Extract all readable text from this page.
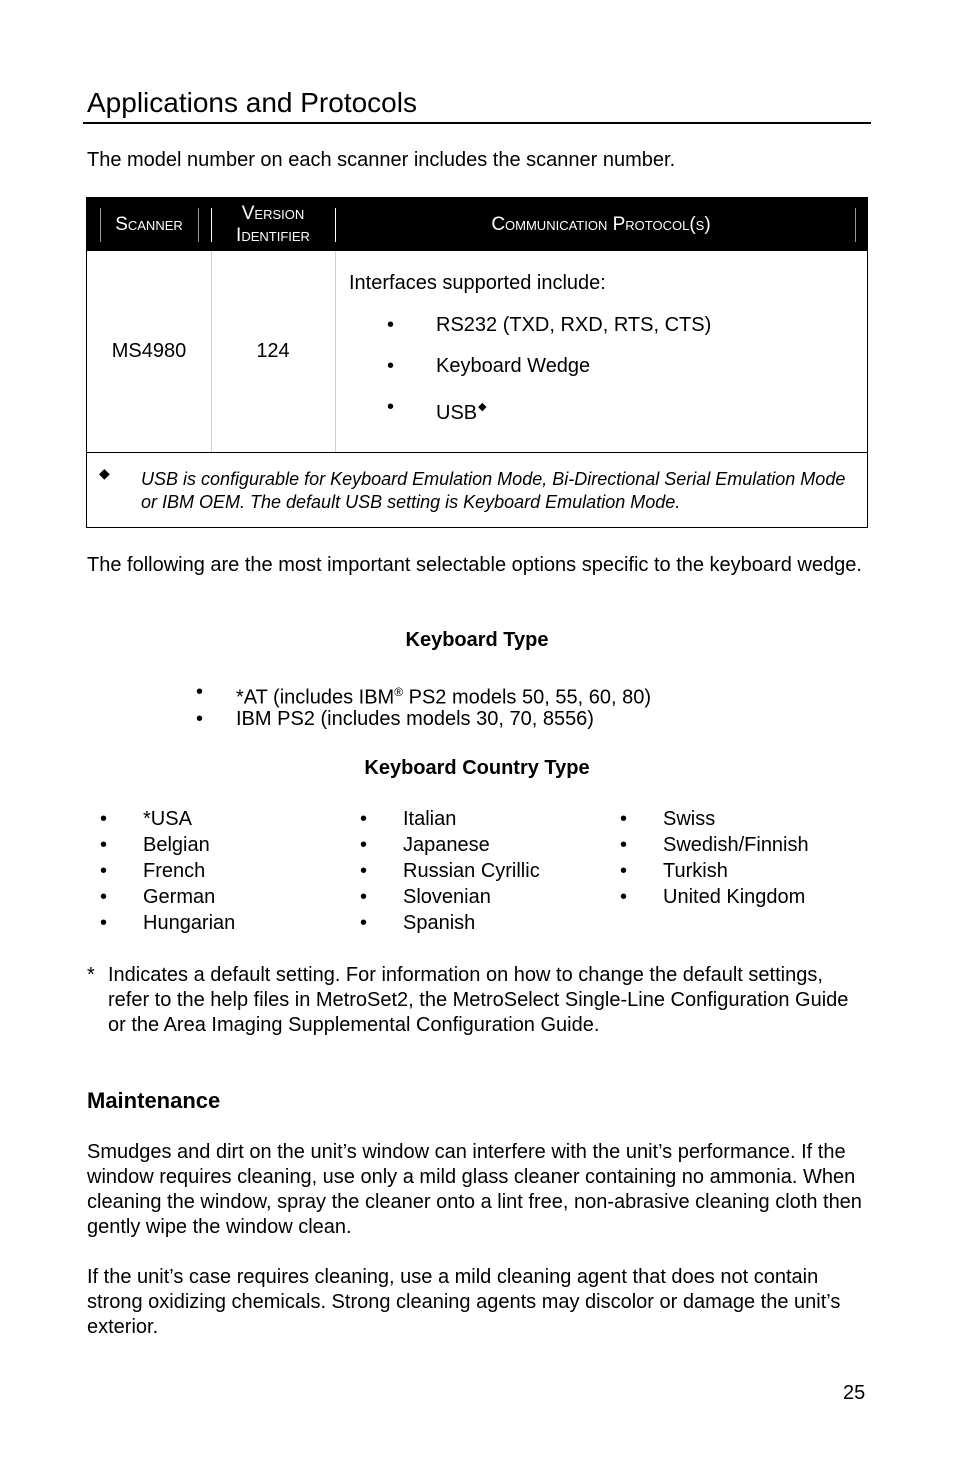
Applications and Protocols
The model number on each scanner includes the scanner number.
Scanner
Version
Identifier
Communication Protocol(s)
MS4980	124
Interfaces supported include:
• RS232 (TXD, RXD, RTS, CTS)
• Keyboard Wedge
• USB◆
◆ USB is configurable for Keyboard Emulation Mode, Bi-Directional Serial Emulation Mode or IBM OEM. The default USB setting is Keyboard Emulation Mode.
The following are the most important selectable options specific to the keyboard wedge.
Keyboard Type
• *AT (includes IBM® PS2 models 50, 55, 60, 80)
• IBM PS2 (includes models 30, 70, 8556)
Keyboard Country Type
• *USA
• Belgian
• French
• German
• Hungarian
• Italian
• Japanese
• Russian Cyrillic
• Slovenian
• Spanish
• Swiss
• Swedish/Finnish
• Turkish
• United Kingdom
* Indicates a default setting. For information on how to change the default settings, refer to the help files in MetroSet2, the MetroSelect Single-Line Configuration Guide or the Area Imaging Supplemental Configuration Guide.
Maintenance
Smudges and dirt on the unit’s window can interfere with the unit’s performance. If the window requires cleaning, use only a mild glass cleaner containing no ammonia. When cleaning the window, spray the cleaner onto a lint free, non-abrasive cleaning cloth then gently wipe the window clean.
If the unit’s case requires cleaning, use a mild cleaning agent that does not contain strong oxidizing chemicals. Strong cleaning agents may discolor or damage the unit’s exterior.
25
